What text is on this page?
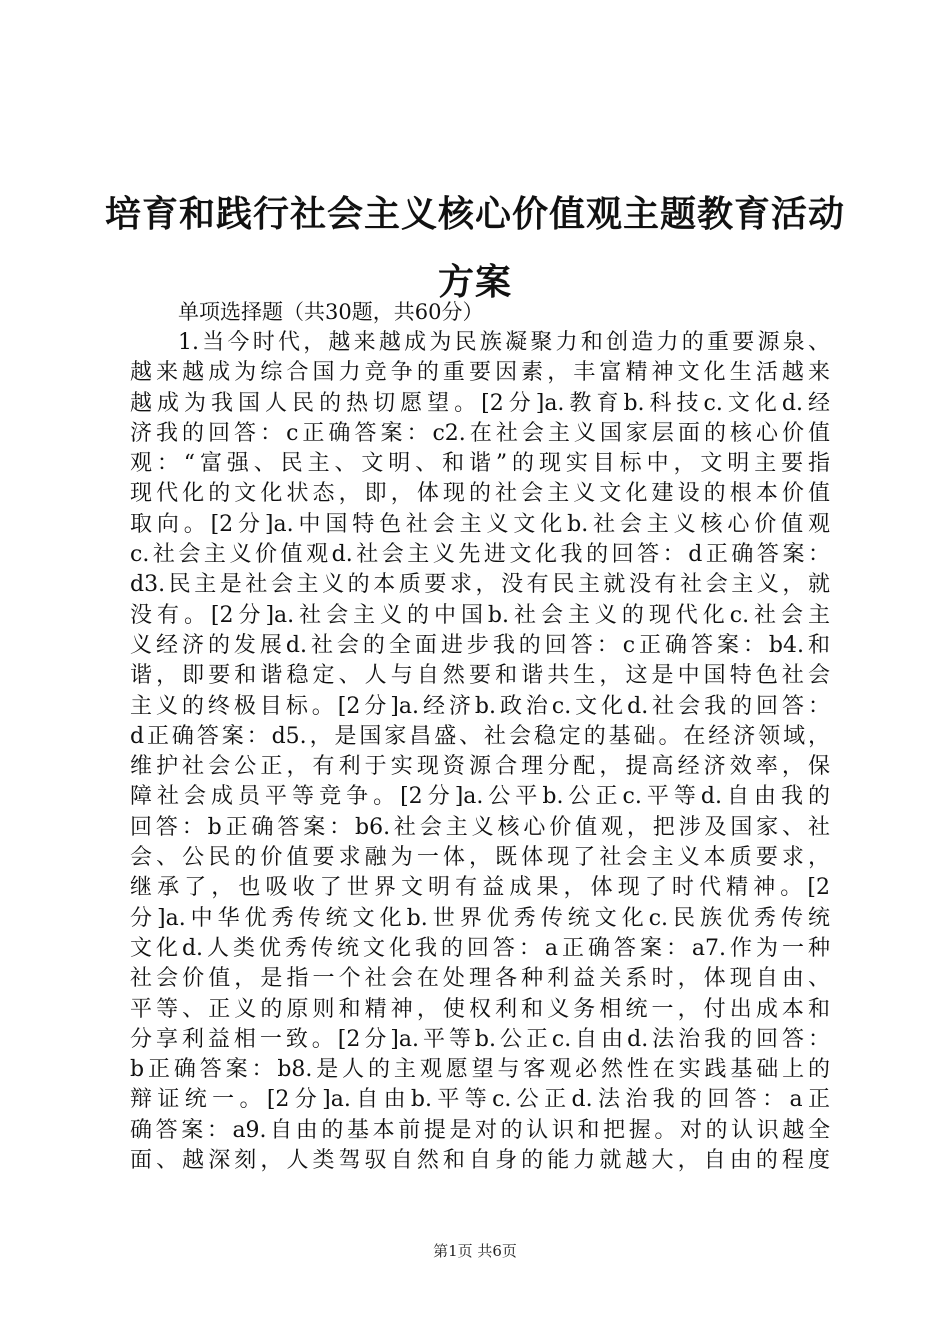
培育和践行社会主义核心价值观主题教育活动
方案

单项选择题（共30题，共60分）

1.当今时代，越来越成为民族凝聚力和创造力的重要源泉、
越来越成为综合国力竞争的重要因素，丰富精神文化生活越来
越成为我国人民的热切愿望。[2分]a.教育b.科技c.文化d.经
济我的回答：c正确答案：c2.在社会主义国家层面的核心价值
观：“富强、民主、文明、和谐”的现实目标中，文明主要指
现代化的文化状态，即，体现的社会主义文化建设的根本价值
取向。[2分]a.中国特色社会主义文化b.社会主义核心价值观
c.社会主义价值观d.社会主义先进文化我的回答：d正确答案：
d3.民主是社会主义的本质要求，没有民主就没有社会主义，就
没有。[2分]a.社会主义的中国b.社会主义的现代化c.社会主
义经济的发展d.社会的全面进步我的回答：c正确答案：b4.和
谐，即要和谐稳定、人与自然要和谐共生，这是中国特色社会
主义的终极目标。[2分]a.经济b.政治c.文化d.社会我的回答：
d正确答案：d5.，是国家昌盛、社会稳定的基础。在经济领域，
维护社会公正，有利于实现资源合理分配，提高经济效率，保
障社会成员平等竞争。[2分]a.公平b.公正c.平等d.自由我的
回答：b正确答案：b6.社会主义核心价值观，把涉及国家、社
会、公民的价值要求融为一体，既体现了社会主义本质要求，
继承了，也吸收了世界文明有益成果，体现了时代精神。[2
分]a.中华优秀传统文化b.世界优秀传统文化c.民族优秀传统
文化d.人类优秀传统文化我的回答：a正确答案：a7.作为一种
社会价值，是指一个社会在处理各种利益关系时，体现自由、
平等、正义的原则和精神，使权利和义务相统一，付出成本和
分享利益相一致。[2分]a.平等b.公正c.自由d.法治我的回答：
b正确答案：b8.是人的主观愿望与客观必然性在实践基础上的
辩证统一。[2分]a.自由b.平等c.公正d.法治我的回答：a正
确答案：a9.自由的基本前提是对的认识和把握。对的认识越全
面、越深刻，人类驾驭自然和自身的能力就越大，自由的程度
第1页 共6页
